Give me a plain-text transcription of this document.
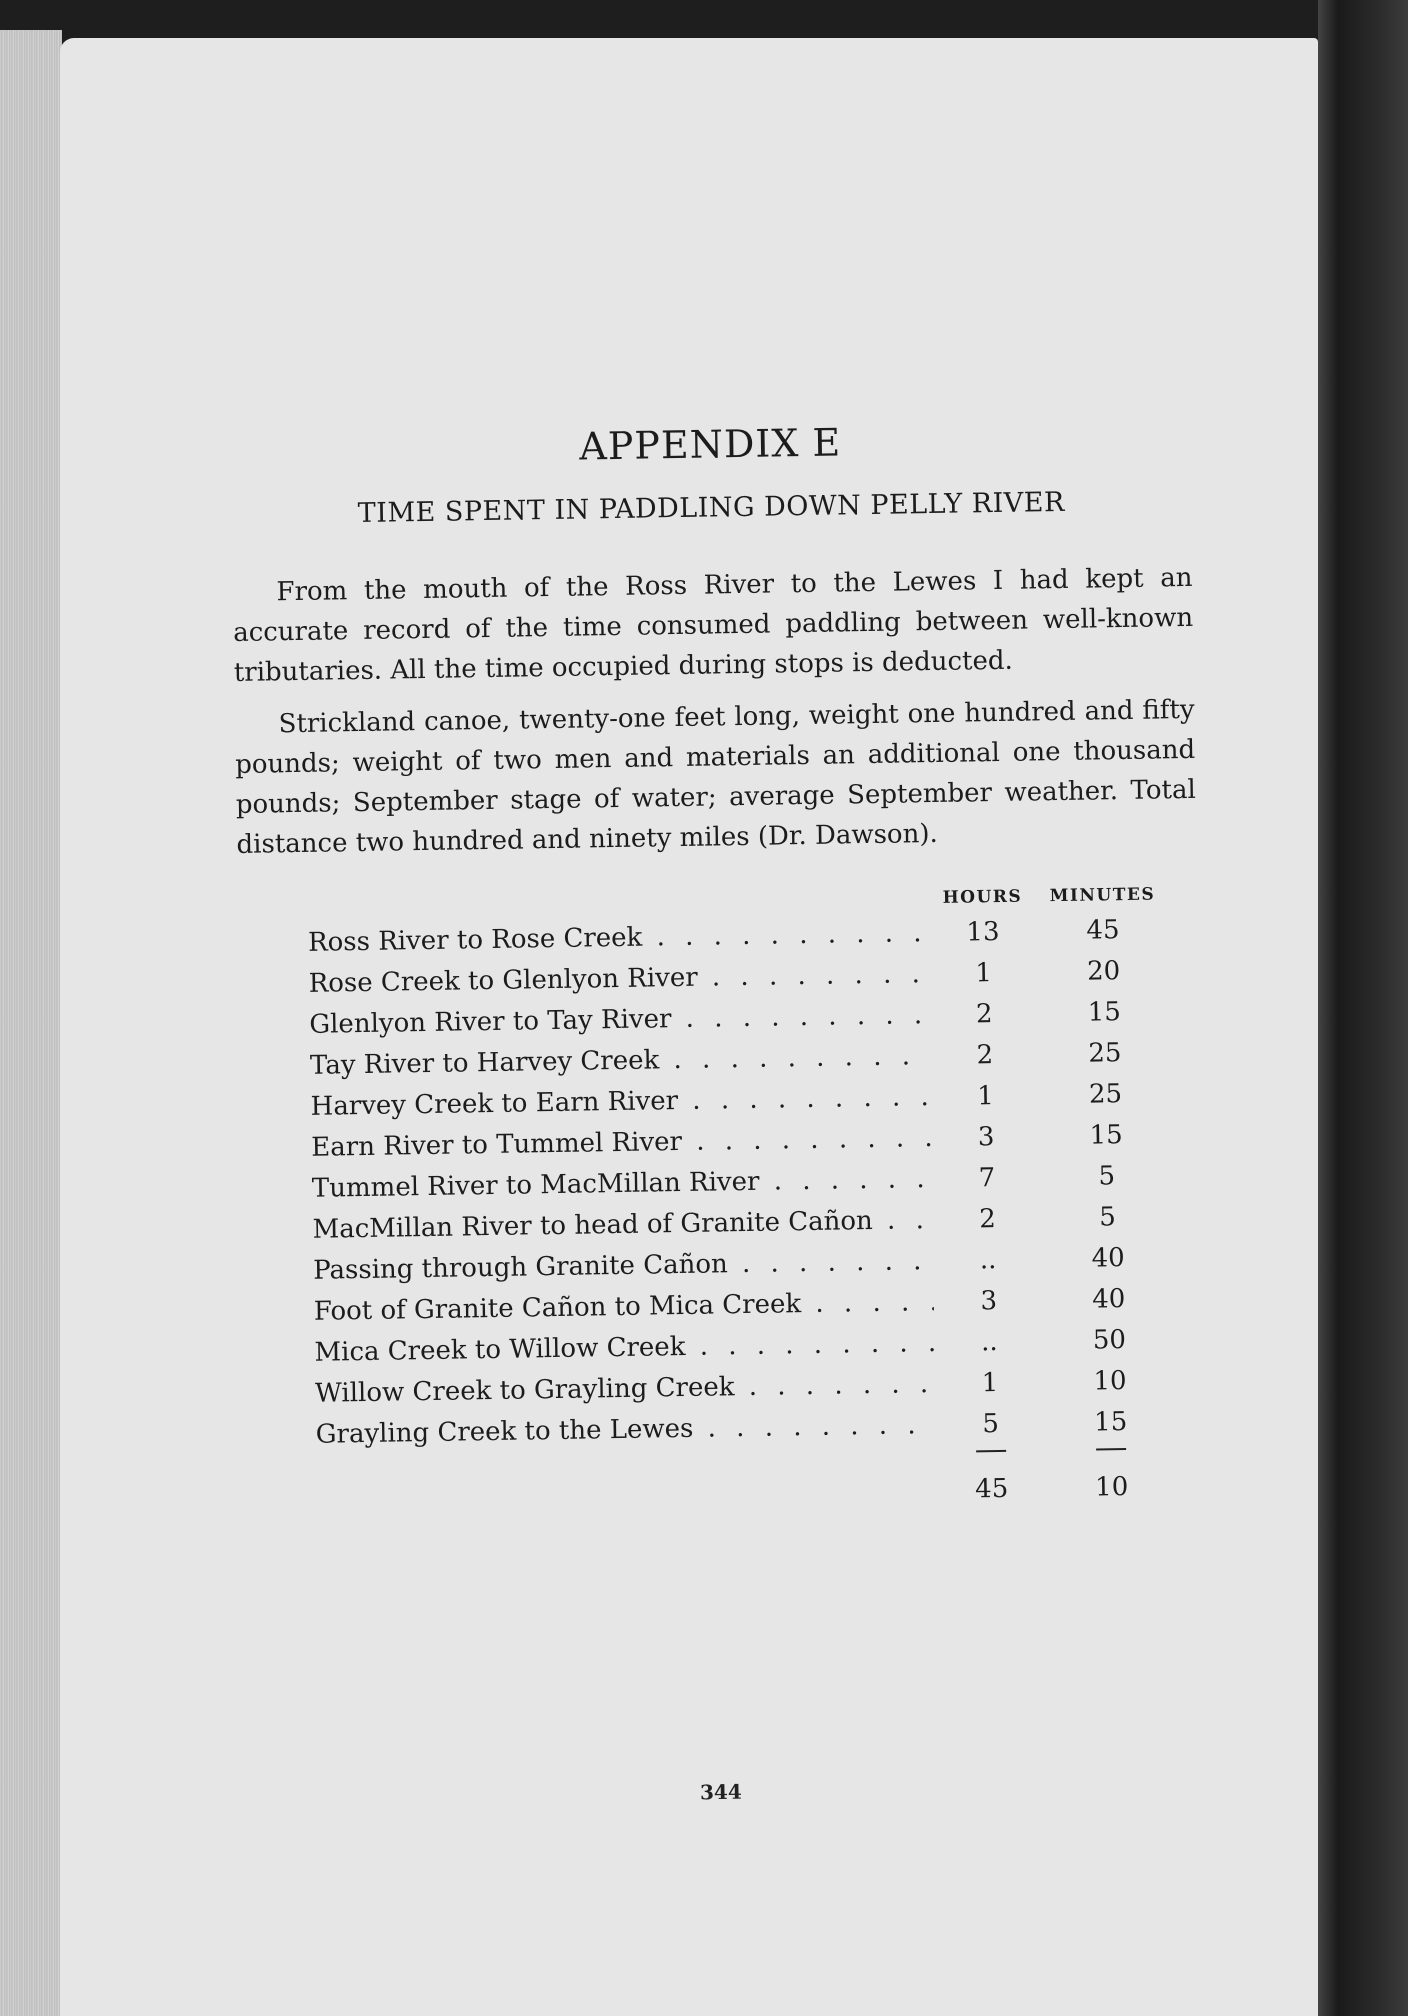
APPENDIX E
TIME SPENT IN PADDLING DOWN PELLY RIVER

From the mouth of the Ross River to the Lewes I had kept an accurate record of the time consumed paddling between well-known tributaries. All the time occupied during stops is deducted.

Strickland canoe, twenty-one feet long, weight one hundred and fifty pounds; weight of two men and materials an additional one thousand pounds; September stage of water; average September weather. Total distance two hundred and ninety miles (Dr. Dawson).

HOURS	MINUTES
Ross River to Rose Creek . . .	13	45
Rose Creek to Glenlyon River . . .	1	20
Glenlyon River to Tay River . . .	2	15
Tay River to Harvey Creek . . .	2	25
Harvey Creek to Earn River . . .	1	25
Earn River to Tummel River . . .	3	15
Tummel River to MacMillan River . . .	7	5
MacMillan River to head of Granite Cañon . . .	2	5
Passing through Granite Cañon . . .	..	40
Foot of Granite Cañon to Mica Creek . . .	3	40
Mica Creek to Willow Creek . . .	..	50
Willow Creek to Grayling Creek . . .	1	10
Grayling Creek to the Lewes . . .	5	15
45	10
344
